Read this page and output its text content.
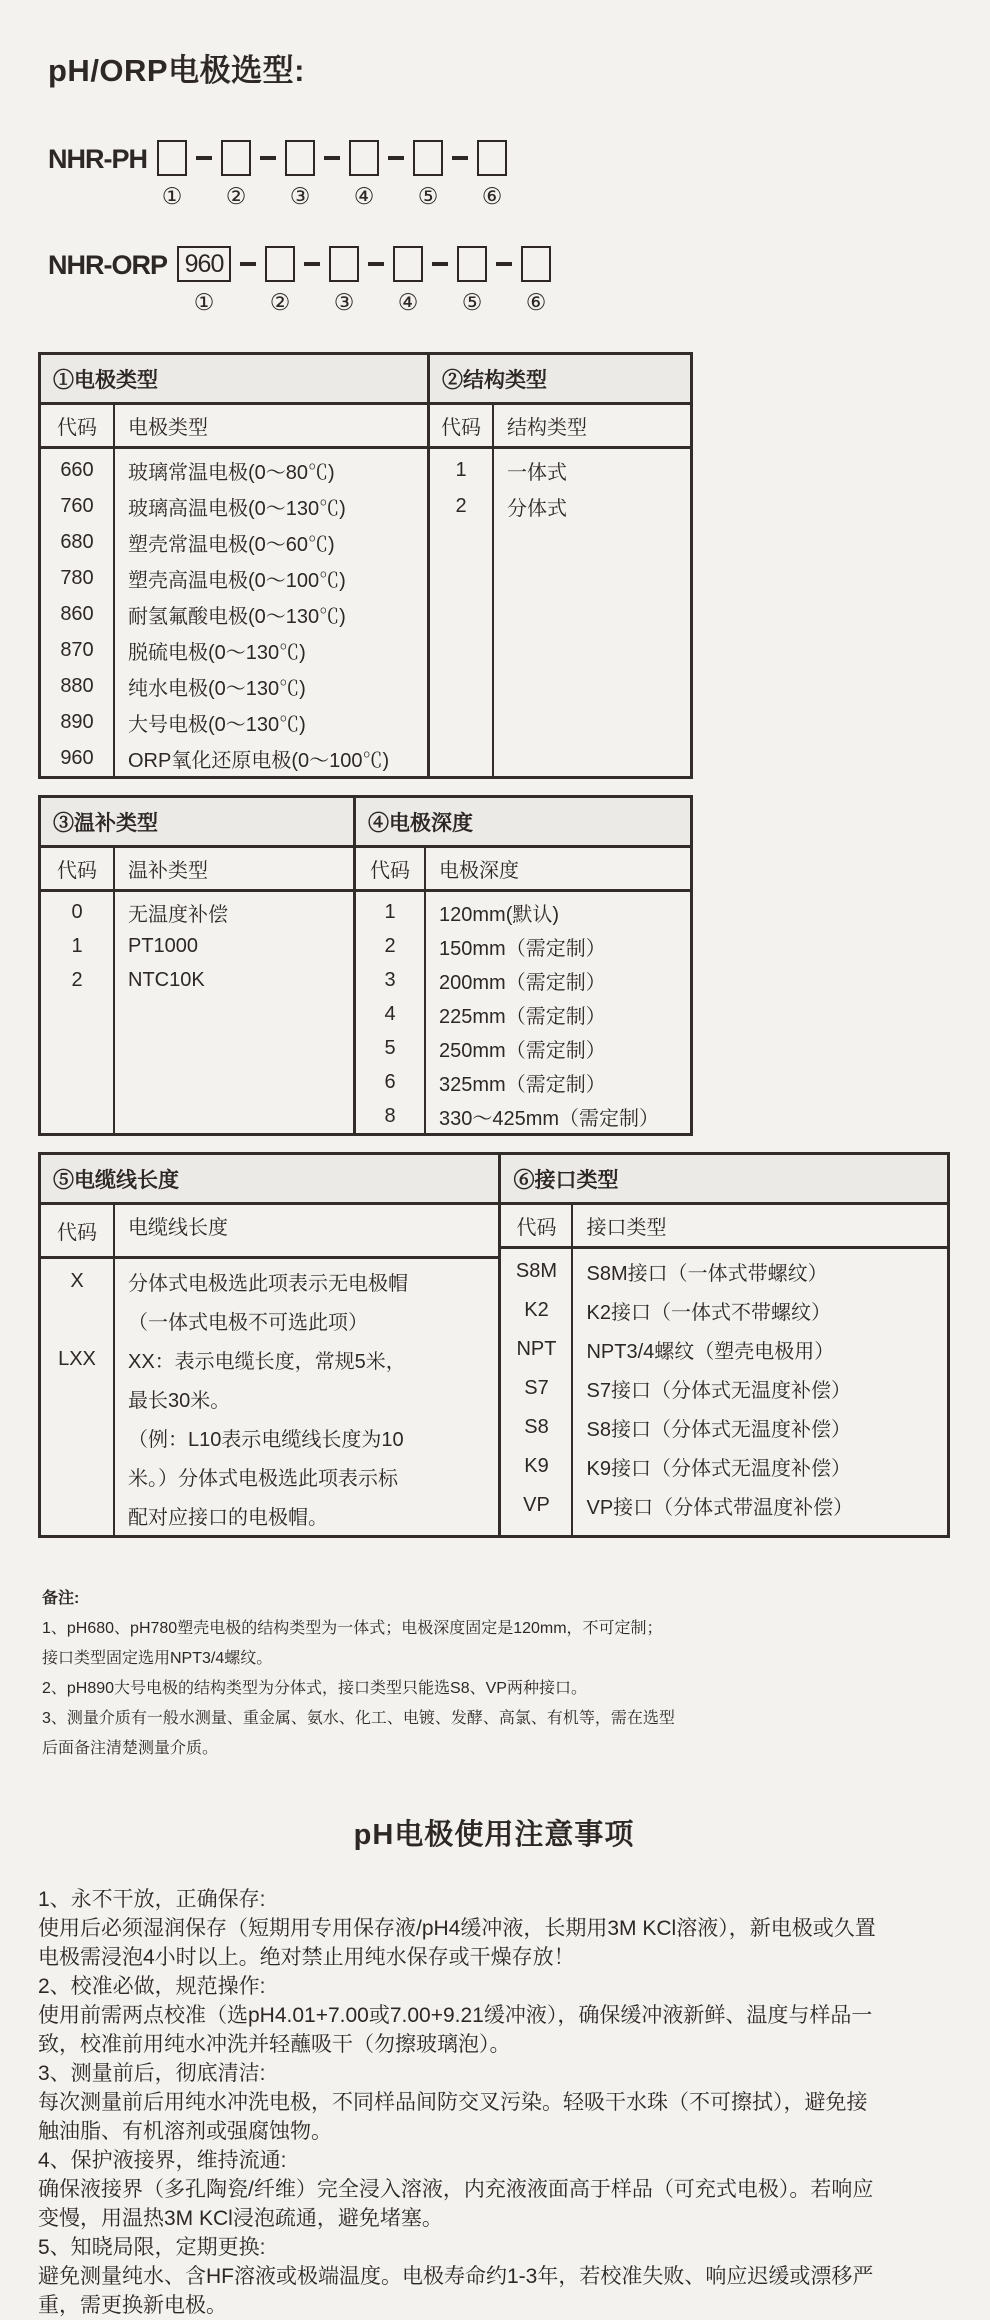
pH/ORP电极选型:
NHR-PH
① ② ③ ④ ⑤ ⑥
NHR-ORP 960
① ② ③ ④ ⑤ ⑥
①电极类型
代码	电极类型
660	玻璃常温电极(0～80℃)
760	玻璃高温电极(0～130℃)
680	塑壳常温电极(0～60℃)
780	塑壳高温电极(0～100℃)
860	耐氢氟酸电极(0～130℃)
870	脱硫电极(0～130℃)
880	纯水电极(0～130℃)
890	大号电极(0～130℃)
960	ORP氧化还原电极(0～100℃)
②结构类型
代码	结构类型
1	一体式
2	分体式
③温补类型
代码	温补类型
0	无温度补偿
1	PT1000
2	NTC10K
④电极深度
代码	电极深度
1	120mm(默认)
2	150mm（需定制）
3	200mm（需定制）
4	225mm（需定制）
5	250mm（需定制）
6	325mm（需定制）
8	330～425mm（需定制）
⑤电缆线长度
代码	电缆线长度
X	分体式电极选此项表示无电极帽
（一体式电极不可选此项）
LXX	XX：表示电缆长度，常规5米，
最长30米。
（例：L10表示电缆线长度为10
米。）分体式电极选此项表示标
配对应接口的电极帽。
⑥接口类型
代码	接口类型
S8M	S8M接口（一体式带螺纹）
K2	K2接口（一体式不带螺纹）
NPT	NPT3/4螺纹（塑壳电极用）
S7	S7接口（分体式无温度补偿）
S8	S8接口（分体式无温度补偿）
K9	K9接口（分体式无温度补偿）
VP	VP接口（分体式带温度补偿）

备注:

1、pH680、pH780塑壳电极的结构类型为一体式；电极深度固定是120mm，不可定制；
接口类型固定选用NPT3/4螺纹。
2、pH890大号电极的结构类型为分体式，接口类型只能选S8、VP两种接口。
3、测量介质有一般水测量、重金属、氨水、化工、电镀、发酵、高氯、有机等，需在选型
后面备注清楚测量介质。
pH电极使用注意事项
1、永不干放，正确保存:
使用后必须湿润保存（短期用专用保存液/pH4缓冲液，长期用3M KCl溶液），新电极或久置
电极需浸泡4小时以上。绝对禁止用纯水保存或干燥存放！
2、校准必做，规范操作:
使用前需两点校准（选pH4.01+7.00或7.00+9.21缓冲液），确保缓冲液新鲜、温度与样品一
致，校准前用纯水冲洗并轻蘸吸干（勿擦玻璃泡）。
3、测量前后，彻底清洁:
每次测量前后用纯水冲洗电极，不同样品间防交叉污染。轻吸干水珠（不可擦拭），避免接
触油脂、有机溶剂或强腐蚀物。
4、保护液接界，维持流通:
确保液接界（多孔陶瓷/纤维）完全浸入溶液，内充液液面高于样品（可充式电极）。若响应
变慢，用温热3M KCl浸泡疏通，避免堵塞。
5、知晓局限，定期更换:
避免测量纯水、含HF溶液或极端温度。电极寿命约1-3年，若校准失败、响应迟缓或漂移严
重，需更换新电极。
